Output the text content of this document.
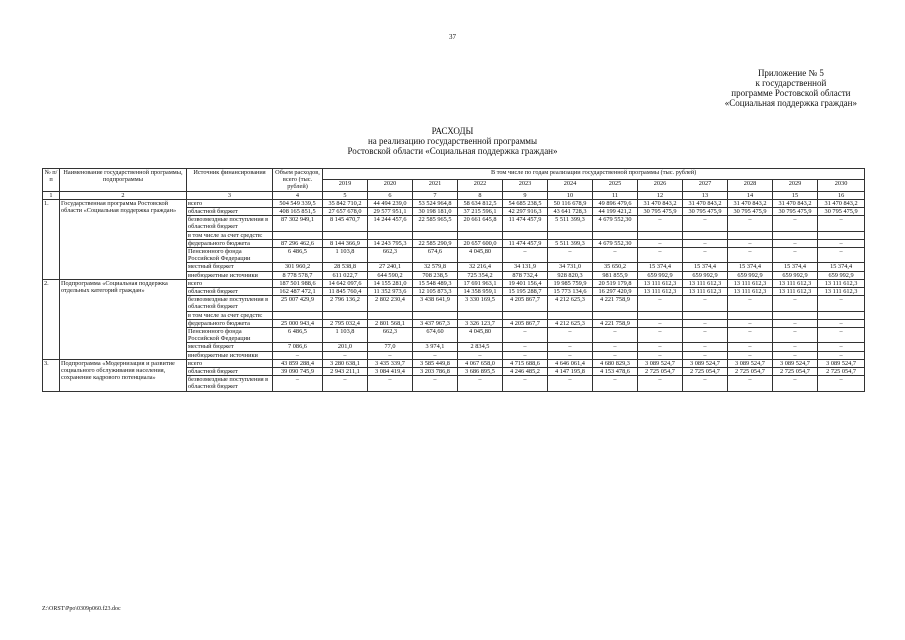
37
Приложение № 5
к государственной
программе Ростовской области
«Социальная поддержка граждан»
РАСХОДЫ
на реализацию государственной программы
Ростовской области «Социальная поддержка граждан»
№ п/п	Наименование государственной программы, подпрограммы	Источник финансирования	Объем расходов, всего (тыс. рублей)	В том числе по годам реализации государственной программы (тыс. рублей)											
				2019	2020	2021	2022	2023	2024	2025	2026	2027	2028	2029	2030
1	2	3	4	5	6	7	8	9	10	11	12	13	14	15	16
1.	Государственная программа Ростовской области «Социальная поддержка граждан»	всего	504 549 339,5	35 842 710,2	44 494 239,0	53 524 964,8	58 634 812,5	54 685 238,5	50 116 678,9	49 896 479,6	31 470 843,2	31 470 843,2	31 470 843,2	31 470 843,2	31 470 843,2
		областной бюджет	408 165 851,5	27 657 678,0	29 577 951,1	30 198 181,0	37 215 596,1	42 297 916,3	43 641 728,3	44 199 421,2	30 795 475,9	30 795 475,9	30 795 475,9	30 795 475,9	30 795 475,9
		безвозмездные поступления в областной бюджет	87 302 949,1	8 145 470,7	14 244 457,6	22 585 965,5	20 661 645,8	11 474 457,9	5 511 399,3	4 679 552,30	–	–	–	–	–
		в том числе за счет средств:													
		федерального бюджета	87 296 462,6	8 144 366,9	14 243 795,3	22 585 290,9	20 657 600,0	11 474 457,9	5 511 399,3	4 679 552,30	–	–	–	–	–
		Пенсионного фонда Российской Федерации	6 486,5	1 103,8	662,3	674,6	4 045,80	–	–	–	–	–	–	–	–
		местный бюджет	301 960,2	28 538,8	27 240,1	32 579,8	32 216,4	34 131,9	34 731,0	35 650,2	15 374,4	15 374,4	15 374,4	15 374,4	15 374,4
		внебюджетные источники	8 778 578,7	611 022,7	644 590,2	708 238,5	725 354,2	878 732,4	928 820,3	981 855,9	659 992,9	659 992,9	659 992,9	659 992,9	659 992,9
2.	Подпрограмма «Социальная поддержка отдельных категорий граждан»	всего	187 501 988,6	14 642 097,6	14 155 281,0	15 548 489,3	17 691 963,1	19 401 156,4	19 985 759,9	20 519 179,8	13 111 612,3	13 111 612,3	13 111 612,3	13 111 612,3	13 111 612,3
		областной бюджет	162 487 472,1	11 845 760,4	11 352 973,6	12 105 873,3	14 358 959,1	15 195 288,7	15 773 134,6	16 297 420,9	13 111 612,3	13 111 612,3	13 111 612,3	13 111 612,3	13 111 612,3
		безвозмездные поступления в областной бюджет	25 007 429,9	2 796 136,2	2 802 230,4	3 438 641,9	3 330 169,5	4 205 867,7	4 212 625,3	4 221 758,9	–	–	–	–	–
		в том числе за счет средств:													
		федерального бюджета	25 000 943,4	2 795 032,4	2 801 568,1	3 437 967,3	3 326 123,7	4 205 867,7	4 212 625,3	4 221 758,9	–	–	–	–	–
		Пенсионного фонда Российской Федерации	6 486,5	1 103,8	662,3	674,60	4 045,80	–	–	–	–	–	–	–	–
		местный бюджет	7 086,6	201,0	77,0	3 974,1	2 834,5	–	–	–	–	–	–	–	–
		внебюджетные источники	–	–	–	–	–	–	–	–	–	–	–	–	–
3.	Подпрограмма «Модернизация и развитие социального обслуживания населения, сохранение кадрового потенциала»	всего	43 859 288,4	3 280 638,1	3 435 339,7	3 585 449,8	4 067 658,0	4 715 688,6	4 646 061,4	4 680 829,3	3 089 524,7	3 089 524,7	3 089 524,7	3 089 524,7	3 089 524,7
		областной бюджет	39 090 745,9	2 943 211,1	3 084 419,4	3 203 786,8	3 686 895,5	4 246 485,2	4 147 195,8	4 153 478,6	2 725 054,7	2 725 054,7	2 725 054,7	2 725 054,7	2 725 054,7
		безвозмездные поступления в областной бюджет	–	–	–	–	–	–	–	–	–	–	–	–	–
Z:\ORST\Ppo\0309p060.f23.doc
